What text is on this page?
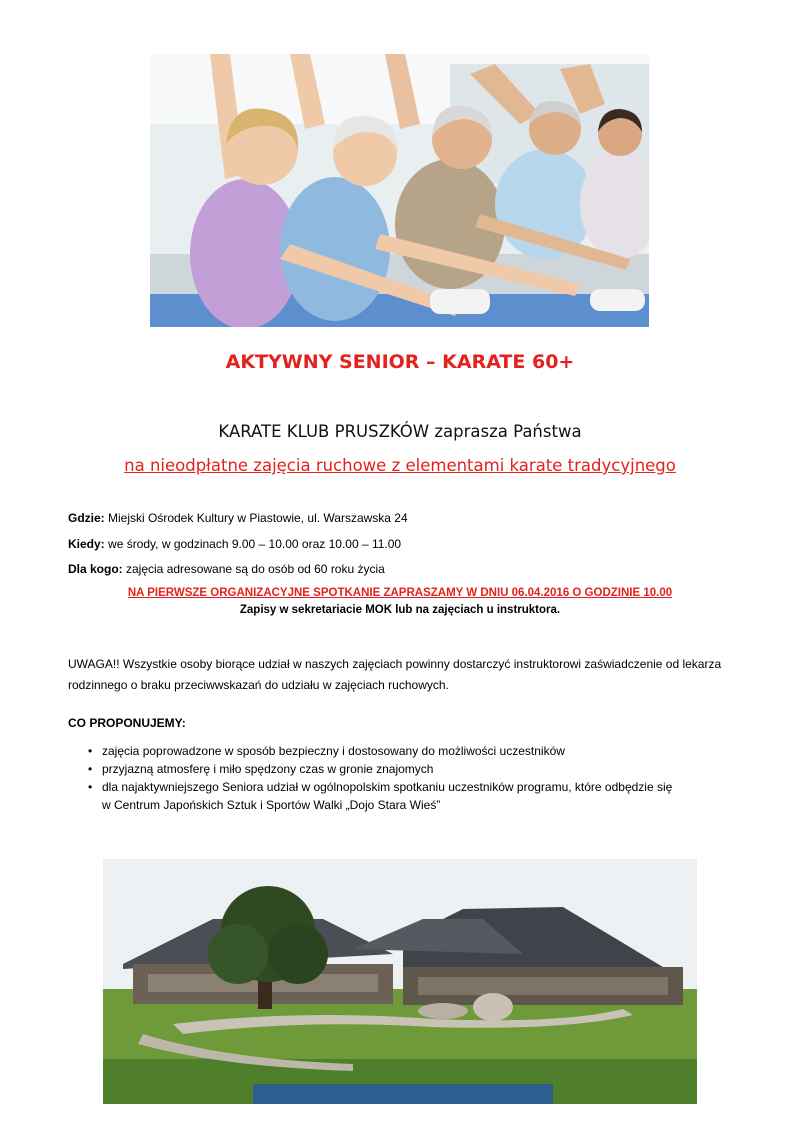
AKTYWNY SENIOR – KARATE 60+
KARATE KLUB PRUSZKÓW zaprasza Państwa
na nieodpłatne zajęcia ruchowe z elementami karate tradycyjnego
Gdzie: Miejski Ośrodek Kultury w Piastowie, ul. Warszawska 24
Kiedy: we środy, w godzinach 9.00 – 10.00 oraz 10.00 – 11.00
Dla kogo: zajęcia adresowane są do osób od 60 roku życia
NA PIERWSZE ORGANIZACYJNE SPOTKANIE ZAPRASZAMY W DNIU 06.04.2016 O GODZINIE 10.00
Zapisy w sekretariacie MOK lub na zajęciach u instruktora.
UWAGA!! Wszystkie osoby biorące udział w naszych zajęciach powinny dostarczyć instruktorowi zaświadczenie od lekarza rodzinnego o braku przeciwwskazań do udziału w zajęciach ruchowych.
CO PROPONUJEMY:
• zajęcia poprowadzone w sposób bezpieczny i dostosowany do możliwości uczestników
• przyjazną atmosferę i miło spędzony czas w gronie znajomych
• dla najaktywniejszego Seniora udział w ogólnopolskim spotkaniu uczestników programu, które odbędzie się
w Centrum Japońskich Sztuk i Sportów Walki „Dojo Stara Wieś”
